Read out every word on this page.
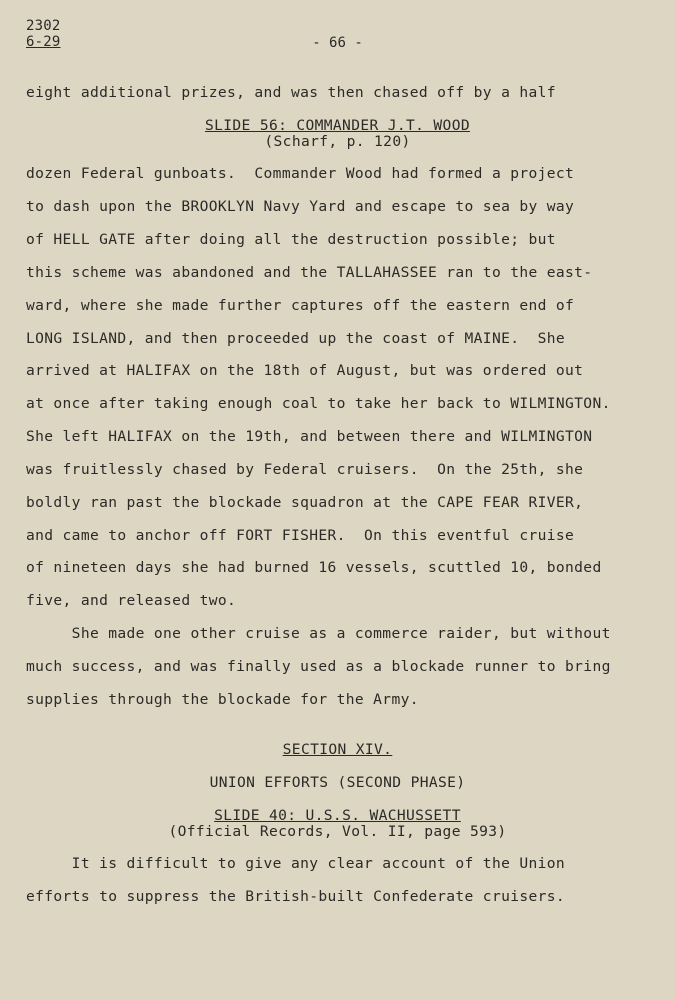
2302
6-29	- 66 -
eight additional prizes, and was then chased off by a half
SLIDE 56: COMMANDER J.T. WOOD
(Scharf, p. 120)
dozen Federal gunboats.  Commander Wood had formed a project
to dash upon the BROOKLYN Navy Yard and escape to sea by way
of HELL GATE after doing all the destruction possible; but
this scheme was abandoned and the TALLAHASSEE ran to the east-
ward, where she made further captures off the eastern end of
LONG ISLAND, and then proceeded up the coast of MAINE.  She
arrived at HALIFAX on the 18th of August, but was ordered out
at once after taking enough coal to take her back to WILMINGTON.
She left HALIFAX on the 19th, and between there and WILMINGTON
was fruitlessly chased by Federal cruisers.  On the 25th, she
boldly ran past the blockade squadron at the CAPE FEAR RIVER,
and came to anchor off FORT FISHER.  On this eventful cruise
of nineteen days she had burned 16 vessels, scuttled 10, bonded
five, and released two.
She made one other cruise as a commerce raider, but without
much success, and was finally used as a blockade runner to bring
supplies through the blockade for the Army.
SECTION XIV.
UNION EFFORTS (SECOND PHASE)
SLIDE 40: U.S.S. WACHUSSETT
(Official Records, Vol. II, page 593)
It is difficult to give any clear account of the Union
efforts to suppress the British-built Confederate cruisers.
